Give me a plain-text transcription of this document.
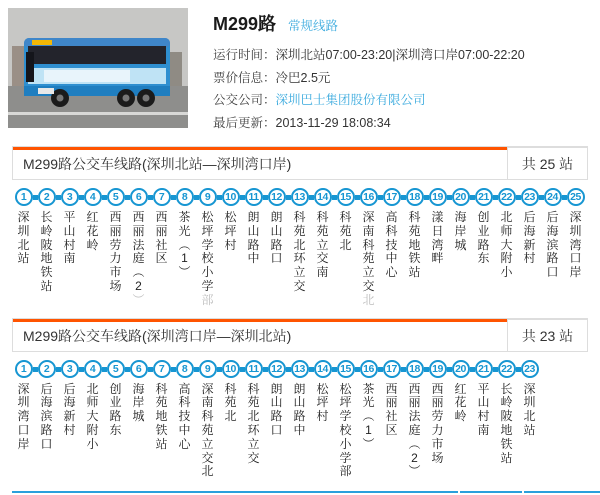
M299路 常规线路
运行时间：深圳北站07:00-23:20|深圳湾口岸07:00-22:20
票价信息：冷巴2.5元
公交公司：深圳巴士集团股份有限公司
最后更新：2013-11-29 18:08:34
M299路公交车线路(深圳北站—深圳湾口岸)	共 25 站
1
深
圳
北
站
2
长
岭
陂
地
铁
站
3
平
山
村
南
4
红
花
岭
5
西
丽
劳
力
市
场
6
西
丽
法
庭
︵
2
︶
7
西
丽
社
区
8
茶
光
︵
1
︶
9
松
坪
学
校
小
学
部
10
松
坪
村
11
朗
山
路
中
12
朗
山
路
口
13
科
苑
北
环
立
交
14
科
苑
立
交
南
15
科
苑
北
16
深
南
科
苑
立
交
北
17
高
科
技
中
心
18
科
苑
地
铁
站
19
漾
日
湾
畔
20
海
岸
城
21
创
业
路
东
22
北
师
大
附
小
23
后
海
新
村
24
后
海
滨
路
口
25
深
圳
湾
口
岸
M299路公交车线路(深圳湾口岸—深圳北站)	共 23 站
1
深
圳
湾
口
岸
2
后
海
滨
路
口
3
后
海
新
村
4
北
师
大
附
小
5
创
业
路
东
6
海
岸
城
7
科
苑
地
铁
站
8
高
科
技
中
心
9
深
南
科
苑
立
交
北
10
科
苑
北
11
科
苑
北
环
立
交
12
朗
山
路
口
13
朗
山
路
中
14
松
坪
村
15
松
坪
学
校
小
学
部
16
茶
光
︵
1
︶
17
西
丽
社
区
18
西
丽
法
庭
︵
2
︶
19
西
丽
劳
力
市
场
20
红
花
岭
21
平
山
村
南
22
长
岭
陂
地
铁
站
23
深
圳
北
站
